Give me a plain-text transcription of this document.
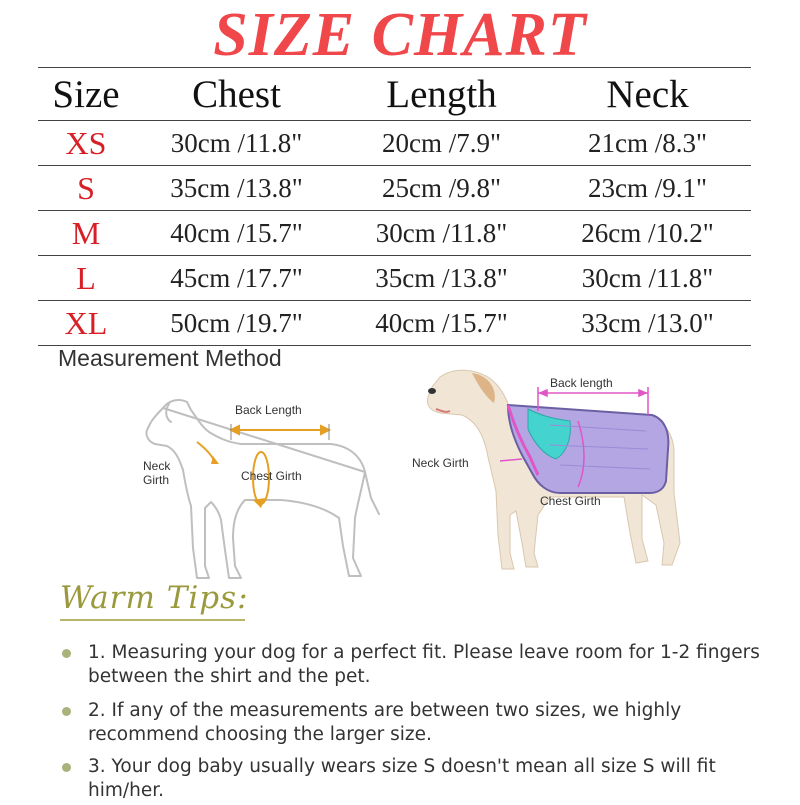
SIZE CHART
Size	Chest	Length	Neck
XS	30cm /11.8"	20cm /7.9"	21cm /8.3"
S	35cm /13.8"	25cm /9.8"	23cm /9.1"
M	40cm /15.7"	30cm /11.8"	26cm /10.2"
L	45cm /17.7"	35cm /13.8"	30cm /11.8"
XL	50cm /19.7"	40cm /15.7"	33cm /13.0"
Measurement Method
Back Length
Neck
Girth	Chest Girth
Back length
Neck Girth
Chest Girth
Warm Tips:
1. Measuring your dog for a perfect fit. Please leave room for 1-2 fingers between the shirt and the pet.
2. If any of the measurements are between two sizes, we highly recommend choosing the larger size.
3. Your dog baby usually wears size S doesn't mean all size S will fit him/her.
